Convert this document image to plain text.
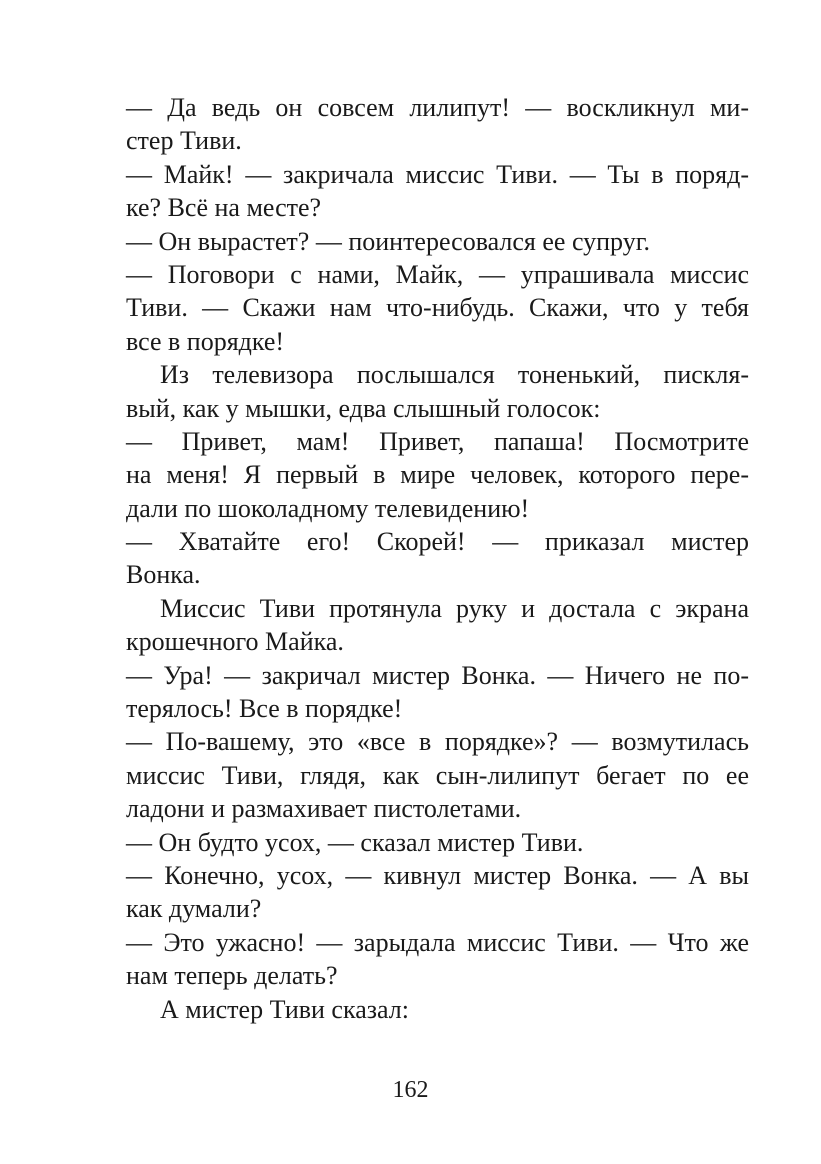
— Да ведь он совсем лилипут! — воскликнул ми-
стер Тиви.
— Майк! — закричала миссис Тиви. — Ты в поряд-
ке? Всё на месте?
— Он вырастет? — поинтересовался ее супруг.
— Поговори с нами, Майк, — упрашивала миссис
Тиви. — Скажи нам что-нибудь. Скажи, что у тебя
все в порядке!
Из телевизора послышался тоненький, пискля-
вый, как у мышки, едва слышный голосок:
— Привет, мам! Привет, папаша! Посмотрите
на меня! Я первый в мире человек, которого пере-
дали по шоколадному телевидению!
— Хватайте его! Скорей! — приказал мистер
Вонка.
Миссис Тиви протянула руку и достала с экрана
крошечного Майка.
— Ура! — закричал мистер Вонка. — Ничего не по-
терялось! Все в порядке!
— По-вашему, это «все в порядке»? — возмутилась
миссис Тиви, глядя, как сын-лилипут бегает по ее
ладони и размахивает пистолетами.
— Он будто усох, — сказал мистер Тиви.
— Конечно, усох, — кивнул мистер Вонка. — А вы
как думали?
— Это ужасно! — зарыдала миссис Тиви. — Что же
нам теперь делать?
А мистер Тиви сказал:
162
